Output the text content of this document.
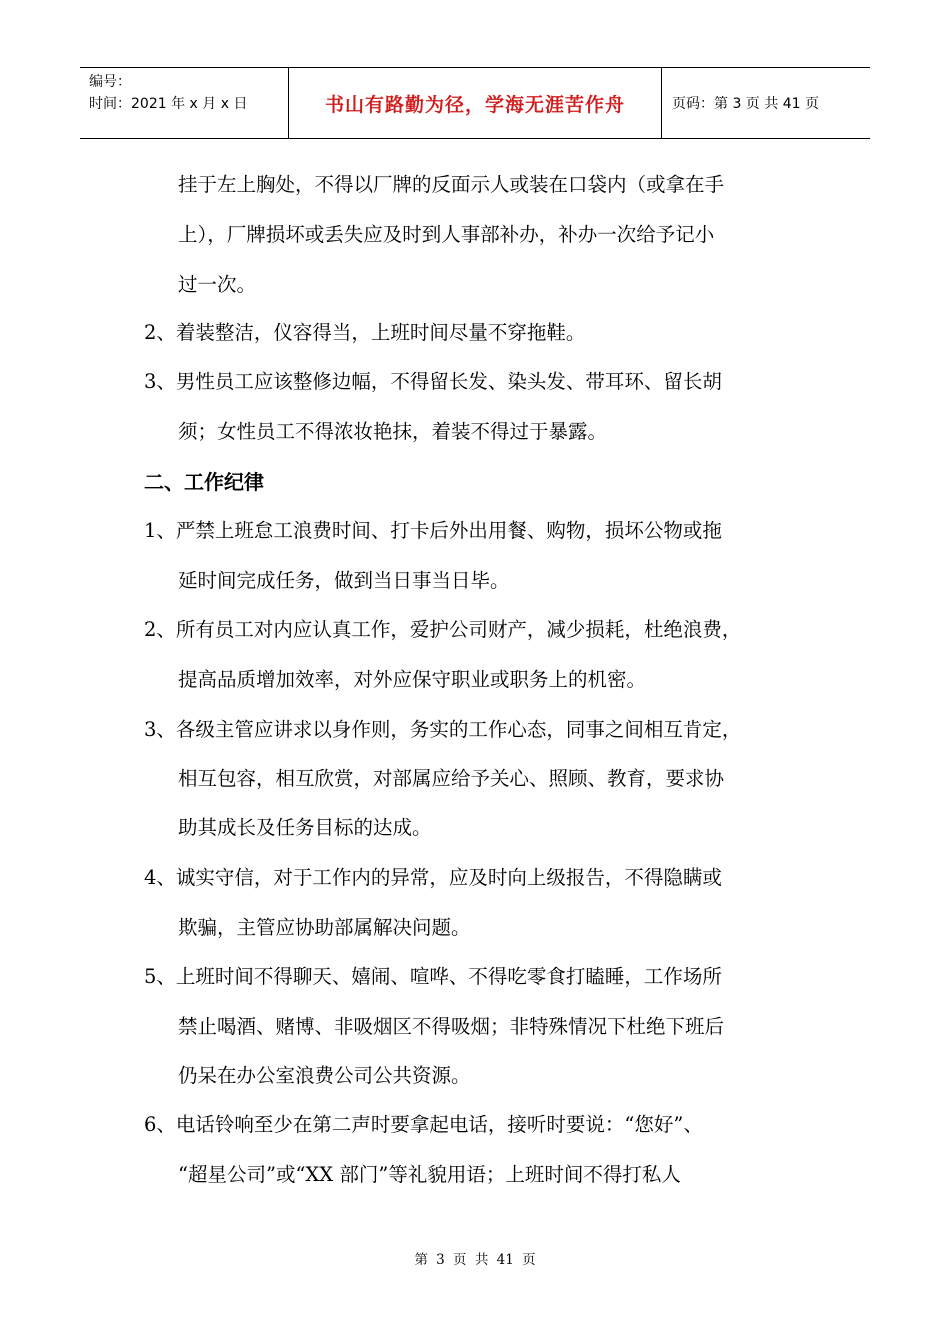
编号：
时间：2021 年 x 月 x 日	书山有路勤为径，学海无涯苦作舟	页码：第 3 页 共 41 页
挂于左上胸处，不得以厂牌的反面示人或装在口袋内（或拿在手
上），厂牌损坏或丢失应及时到人事部补办，补办一次给予记小
过一次。
2、着装整洁，仪容得当，上班时间尽量不穿拖鞋。
3、男性员工应该整修边幅，不得留长发、染头发、带耳环、留长胡
须；女性员工不得浓妆艳抹，着装不得过于暴露。
二、工作纪律
1、严禁上班怠工浪费时间、打卡后外出用餐、购物，损坏公物或拖
延时间完成任务，做到当日事当日毕。
2、所有员工对内应认真工作，爱护公司财产，减少损耗，杜绝浪费，
提高品质增加效率，对外应保守职业或职务上的机密。
3、各级主管应讲求以身作则，务实的工作心态，同事之间相互肯定，
相互包容，相互欣赏，对部属应给予关心、照顾、教育，要求协
助其成长及任务目标的达成。
4、诚实守信，对于工作内的异常，应及时向上级报告，不得隐瞒或
欺骗，主管应协助部属解决问题。
5、上班时间不得聊天、嬉闹、喧哗、不得吃零食打瞌睡，工作场所
禁止喝酒、赌博、非吸烟区不得吸烟；非特殊情况下杜绝下班后
仍呆在办公室浪费公司公共资源。
6、电话铃响至少在第二声时要拿起电话，接听时要说：“您好”、
“超星公司”或“XX 部门”等礼貌用语；上班时间不得打私人
第 3 页 共 41 页
